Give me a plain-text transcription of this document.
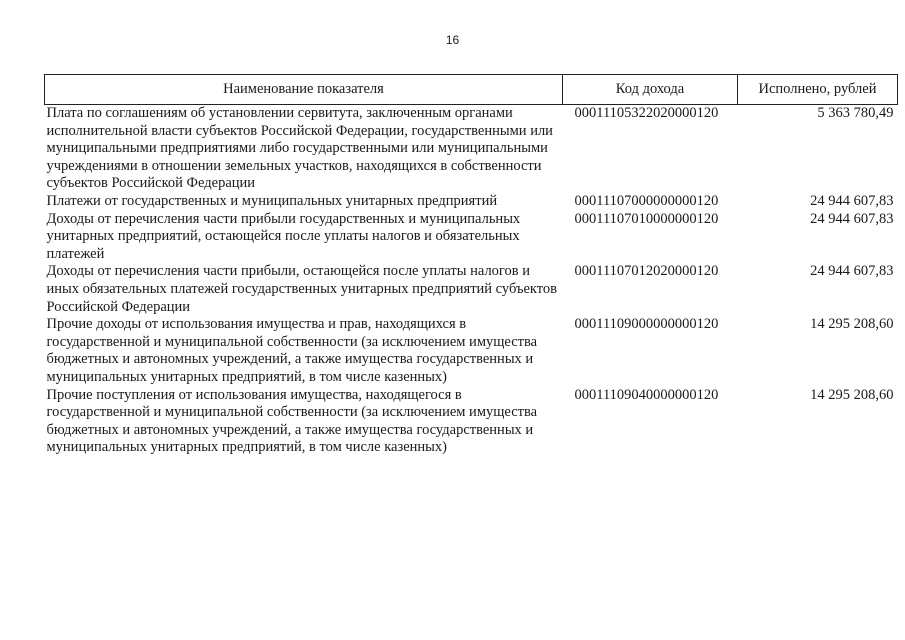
16
Наименование показателя	Код дохода	Исполнено, рублей
Плата по соглашениям об установлении сервитута, заключенным органами исполнительной власти субъектов Российской Федерации, государственными или муниципальными предприятиями либо государственными или муниципальными учреждениями в отношении земельных участков, находящихся в собственности субъектов Российской Федерации	00011105322020000120	5 363 780,49
Платежи от государственных и муниципальных унитарных предприятий	00011107000000000120	24 944 607,83
Доходы от перечисления части прибыли государственных и муниципальных унитарных предприятий, остающейся после уплаты налогов и обязательных платежей	00011107010000000120	24 944 607,83
Доходы от перечисления части прибыли, остающейся после уплаты налогов и иных обязательных платежей государственных унитарных предприятий субъектов Российской Федерации	00011107012020000120	24 944 607,83
Прочие доходы от использования имущества и прав, находящихся в государственной и муниципальной собственности (за исключением имущества бюджетных и автономных учреждений, а также имущества государственных и муниципальных унитарных предприятий, в том числе казенных)	00011109000000000120	14 295 208,60
Прочие поступления от использования имущества, находящегося в государственной и муниципальной собственности (за исключением имущества бюджетных и автономных учреждений, а также имущества государственных и муниципальных унитарных предприятий, в том числе казенных)	00011109040000000120	14 295 208,60
